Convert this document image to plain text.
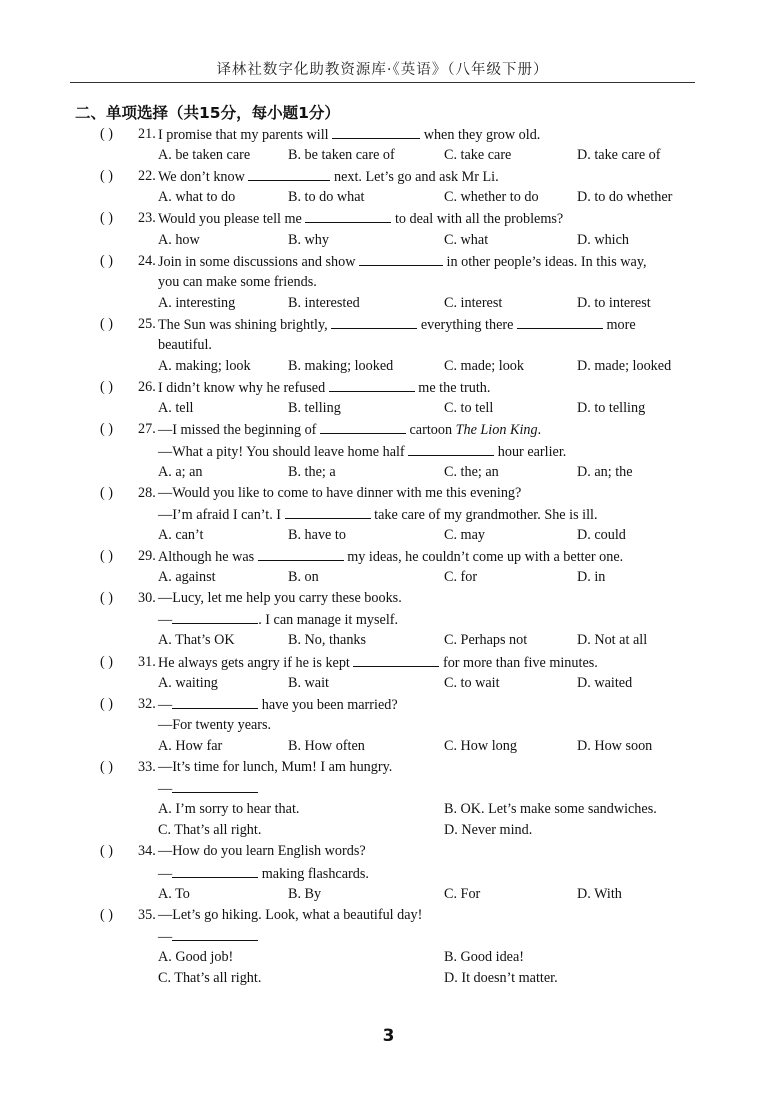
译林社数字化助教资源库·《英语》（八年级下册）
二、单项选择（共15分，每小题1分）
( ) 21. I promise that my parents will	when they grow old.
A. be taken care	B. be taken care of	C. take care	D. take care of
( ) 22. We don’t know	next. Let’s go and ask Mr Li.
A. what to do	B. to do what	C. whether to do	D. to do whether
( ) 23. Would you please tell me	to deal with all the problems?
A. how	B. why	C. what	D. which
( ) 24. Join in some discussions and show	in other people’s ideas. In this way,
you can make some friends.
A. interesting	B. interested	C. interest	D. to interest
( ) 25. The Sun was shining brightly,	everything there	more
beautiful.
A. making; look	B. making; looked	C. made; look	D. made; looked
( ) 26. I didn’t know why he refused	me the truth.
A. tell	B. telling	C. to tell	D. to telling
( ) 27. —I missed the beginning of	cartoon The Lion King.
—What a pity! You should leave home half	hour earlier.
A. a; an	B. the; a	C. the; an	D. an; the
( ) 28. —Would you like to come to have dinner with me this evening?
—I’m afraid I can’t. I	take care of my grandmother. She is ill.
A. can’t	B. have to	C. may	D. could
( ) 29. Although he was	my ideas, he couldn’t come up with a better one.
A. against	B. on	C. for	D. in
( ) 30. —Lucy, let me help you carry these books.
—	. I can manage it myself.
A. That’s OK	B. No, thanks	C. Perhaps not	D. Not at all
( ) 31. He always gets angry if he is kept	for more than five minutes.
A. waiting	B. wait	C. to wait	D. waited
( ) 32. —	have you been married?
—For twenty years.
A. How far	B. How often	C. How long	D. How soon
( ) 33. —It’s time for lunch, Mum! I am hungry.
—
A. I’m sorry to hear that.	B. OK. Let’s make some sandwiches.
C. That’s all right.	D. Never mind.
( ) 34. —How do you learn English words?
—	making flashcards.
A. To	B. By	C. For	D. With
( ) 35. —Let’s go hiking. Look, what a beautiful day!
—
A. Good job!	B. Good idea!
C. That’s all right.	D. It doesn’t matter.
3
